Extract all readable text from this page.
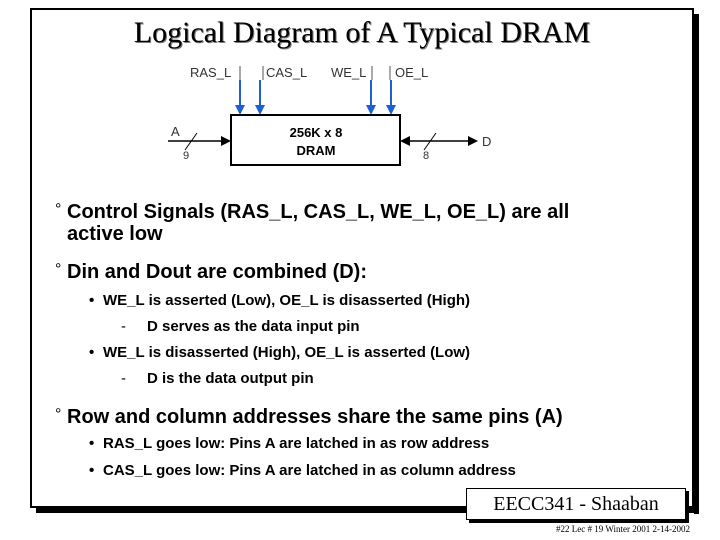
Logical Diagram of A Typical DRAM
RAS_L	CAS_L WE_L OE_L
256K x 8
DRAM
A
9	8
D
° Control Signals (RAS_L, CAS_L, WE_L, OE_L) are all
active low
° Din and Dout are combined (D):
• WE_L is asserted (Low), OE_L is disasserted (High)
- D serves as the data input pin
• WE_L is disasserted (High), OE_L is asserted (Low)
- D is the data output pin
° Row and column addresses share the same pins (A)
• RAS_L goes low: Pins A are latched in as row address
• CAS_L goes low: Pins A are latched in as column address
EECC341 - Shaaban
#22 Lec # 19 Winter 2001 2-14-2002
